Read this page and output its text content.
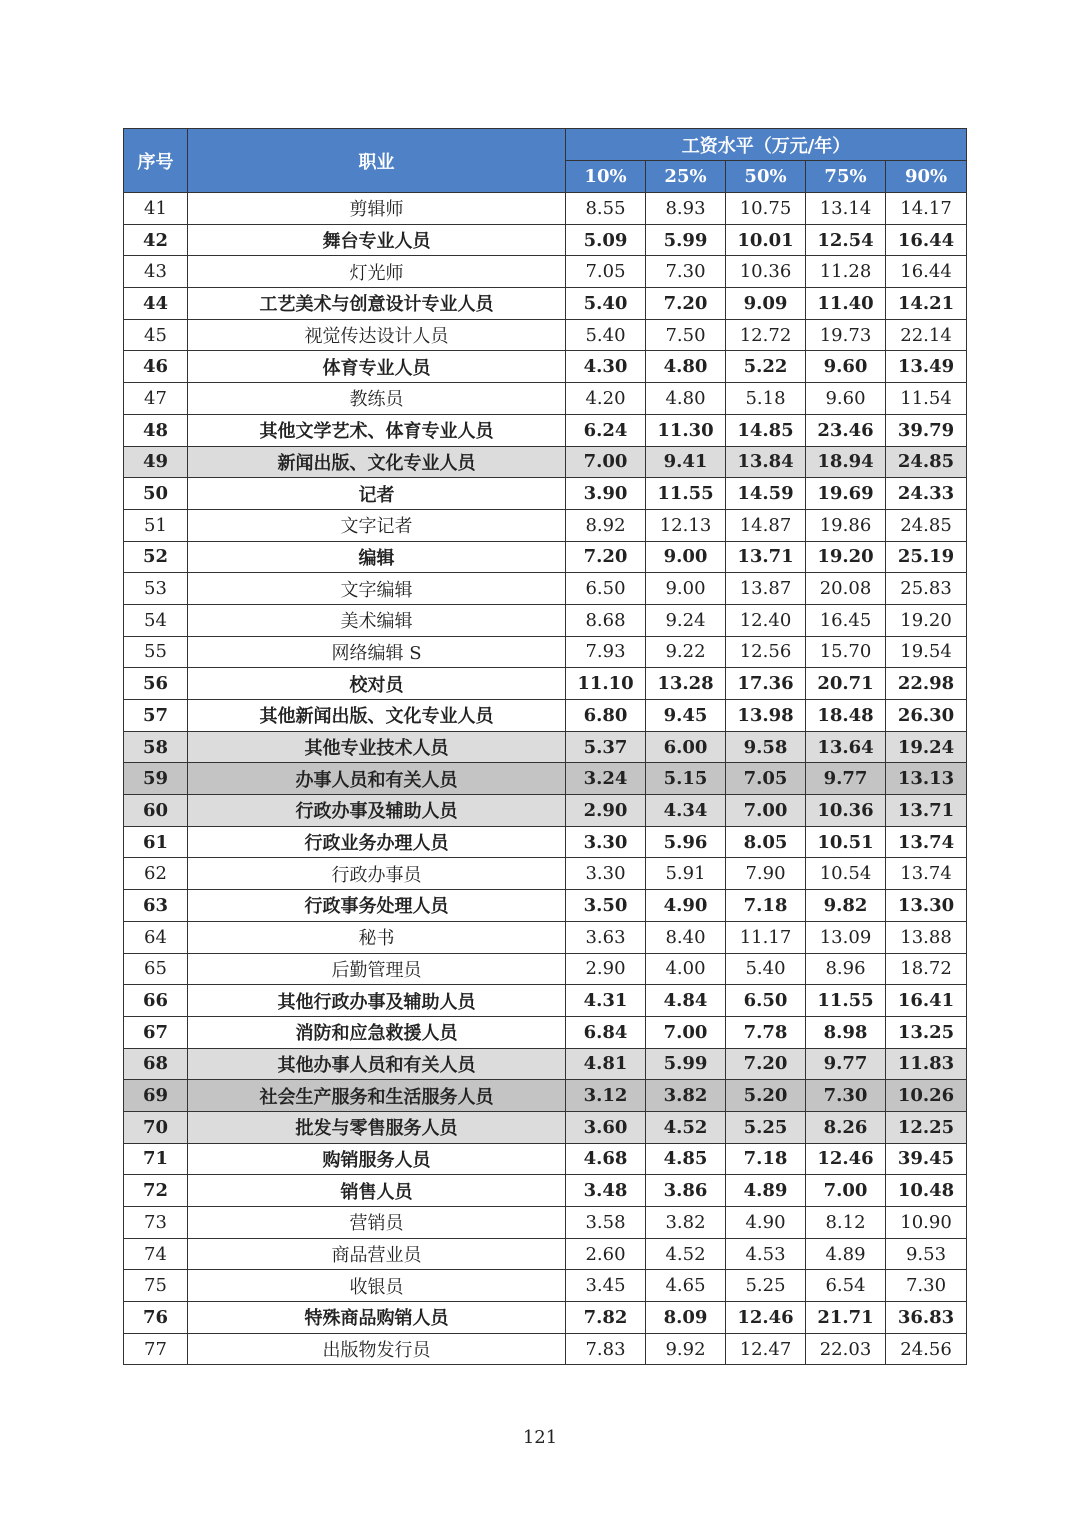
序号	职业	工资水平（万元/年）				
		10%	25%	50%	75%	90%
41	剪辑师	8.55	8.93	10.75	13.14	14.17
42	舞台专业人员	5.09	5.99	10.01	12.54	16.44
43	灯光师	7.05	7.30	10.36	11.28	16.44
44	工艺美术与创意设计专业人员	5.40	7.20	9.09	11.40	14.21
45	视觉传达设计人员	5.40	7.50	12.72	19.73	22.14
46	体育专业人员	4.30	4.80	5.22	9.60	13.49
47	教练员	4.20	4.80	5.18	9.60	11.54
48	其他文学艺术、体育专业人员	6.24	11.30	14.85	23.46	39.79
49	新闻出版、文化专业人员	7.00	9.41	13.84	18.94	24.85
50	记者	3.90	11.55	14.59	19.69	24.33
51	文字记者	8.92	12.13	14.87	19.86	24.85
52	编辑	7.20	9.00	13.71	19.20	25.19
53	文字编辑	6.50	9.00	13.87	20.08	25.83
54	美术编辑	8.68	9.24	12.40	16.45	19.20
55	网络编辑 S	7.93	9.22	12.56	15.70	19.54
56	校对员	11.10	13.28	17.36	20.71	22.98
57	其他新闻出版、文化专业人员	6.80	9.45	13.98	18.48	26.30
58	其他专业技术人员	5.37	6.00	9.58	13.64	19.24
59	办事人员和有关人员	3.24	5.15	7.05	9.77	13.13
60	行政办事及辅助人员	2.90	4.34	7.00	10.36	13.71
61	行政业务办理人员	3.30	5.96	8.05	10.51	13.74
62	行政办事员	3.30	5.91	7.90	10.54	13.74
63	行政事务处理人员	3.50	4.90	7.18	9.82	13.30
64	秘书	3.63	8.40	11.17	13.09	13.88
65	后勤管理员	2.90	4.00	5.40	8.96	18.72
66	其他行政办事及辅助人员	4.31	4.84	6.50	11.55	16.41
67	消防和应急救援人员	6.84	7.00	7.78	8.98	13.25
68	其他办事人员和有关人员	4.81	5.99	7.20	9.77	11.83
69	社会生产服务和生活服务人员	3.12	3.82	5.20	7.30	10.26
70	批发与零售服务人员	3.60	4.52	5.25	8.26	12.25
71	购销服务人员	4.68	4.85	7.18	12.46	39.45
72	销售人员	3.48	3.86	4.89	7.00	10.48
73	营销员	3.58	3.82	4.90	8.12	10.90
74	商品营业员	2.60	4.52	4.53	4.89	9.53
75	收银员	3.45	4.65	5.25	6.54	7.30
76	特殊商品购销人员	7.82	8.09	12.46	21.71	36.83
77	出版物发行员	7.83	9.92	12.47	22.03	24.56
121
